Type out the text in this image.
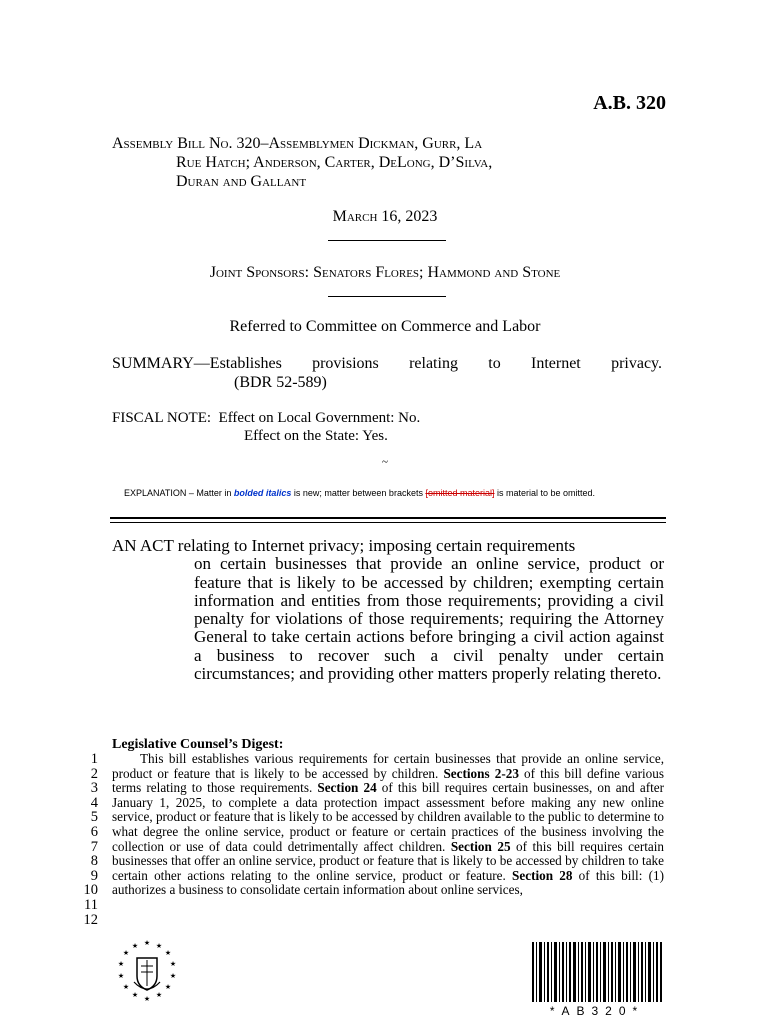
A.B. 320
Assembly Bill No. 320–Assemblymen Dickman, Gurr, La
Rue Hatch; Anderson, Carter, DeLong, D’Silva,
Duran and Gallant
March 16, 2023
Joint Sponsors: Senators Flores; Hammond and Stone
Referred to Committee on Commerce and Labor
SUMMARY—Establishes provisions relating to Internet privacy.
(BDR 52-589)
FISCAL NOTE:  Effect on Local Government: No.
Effect on the State: Yes.
~
EXPLANATION – Matter in bolded italics is new; matter between brackets [omitted material] is material to be omitted.
AN ACT relating to Internet privacy; imposing certain requirements
on certain businesses that provide an online service, product or feature that is likely to be accessed by children; exempting certain information and entities from those requirements; providing a civil penalty for violations of those requirements; requiring the Attorney General to take certain actions before bringing a civil action against a business to recover such a civil penalty under certain circumstances; and providing other matters properly relating thereto.
Legislative Counsel’s Digest:
1
2
3
4
5
6
7
8
9
10
11
12

This bill establishes various requirements for certain businesses that provide an online service, product or feature that is likely to be accessed by children. Sections 2-23 of this bill define various terms relating to those requirements. Section 24 of this bill requires certain businesses, on and after January 1, 2025, to complete a data protection impact assessment before making any new online service, product or feature that is likely to be accessed by children available to the public to determine to what degree the online service, product or feature or certain practices of the business involving the collection or use of data could detrimentally affect children. Section 25 of this bill requires certain businesses that offer an online service, product or feature that is likely to be accessed by children to take certain other actions relating to the online service, product or feature. Section 28 of this bill: (1) authorizes a business to consolidate certain information about online services,

★ ★
★
★
★
★
★
★
★
★
★
★
★
★
*AB320*
